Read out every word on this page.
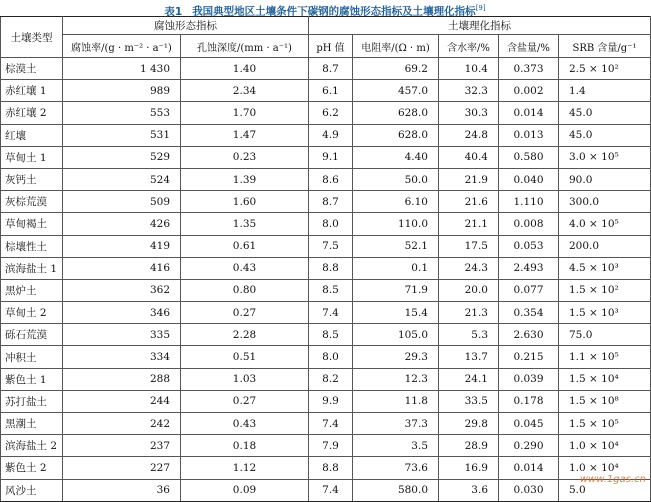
表1 我国典型地区土壤条件下碳钢的腐蚀形态指标及土壤理化指标[9]
土壤类型	腐蚀形态指标		土壤理化指标				
	腐蚀率/(g · m⁻² · a⁻¹)	孔蚀深度/(mm · a⁻¹)	pH 值	电阻率/(Ω · m)	含水率/%	含盐量/%	SRB 含量/g⁻¹
棕漠土	1 430	1.40	8.7	69.2	10.4	0.373	2.5 × 10²
赤红壤 1	989	2.34	6.1	457.0	32.3	0.002	1.4
赤红壤 2	553	1.70	6.2	628.0	30.3	0.014	45.0
红壤	531	1.47	4.9	628.0	24.8	0.013	45.0
草甸土 1	529	0.23	9.1	4.40	40.4	0.580	3.0 × 10⁵
灰钙土	524	1.39	8.6	50.0	21.9	0.040	90.0
灰棕荒漠	509	1.60	8.7	6.10	21.6	1.110	300.0
草甸褐土	426	1.35	8.0	110.0	21.1	0.008	4.0 × 10⁵
棕壤性土	419	0.61	7.5	52.1	17.5	0.053	200.0
滨海盐土 1	416	0.43	8.8	0.1	24.3	2.493	4.5 × 10³
黑炉土	362	0.80	8.5	71.9	20.0	0.077	1.5 × 10²
草甸土 2	346	0.27	7.4	15.4	21.3	0.354	1.5 × 10³
砾石荒漠	335	2.28	8.5	105.0	5.3	2.630	75.0
冲积土	334	0.51	8.0	29.3	13.7	0.215	1.1 × 10⁵
紫色土 1	288	1.03	8.2	12.3	24.1	0.039	1.5 × 10⁴
苏打盐土	244	0.27	9.9	11.8	33.5	0.178	1.5 × 10⁸
黑潮土	242	0.43	7.4	37.3	29.8	0.045	1.5 × 10⁵
滨海盐土 2	237	0.18	7.9	3.5	28.9	0.290	1.0 × 10⁴
紫色土 2	227	1.12	8.8	73.6	16.9	0.014	1.0 × 10⁴
风沙土	36	0.09	7.4	580.0	3.6	0.030	5.0
www.1gas.cn
